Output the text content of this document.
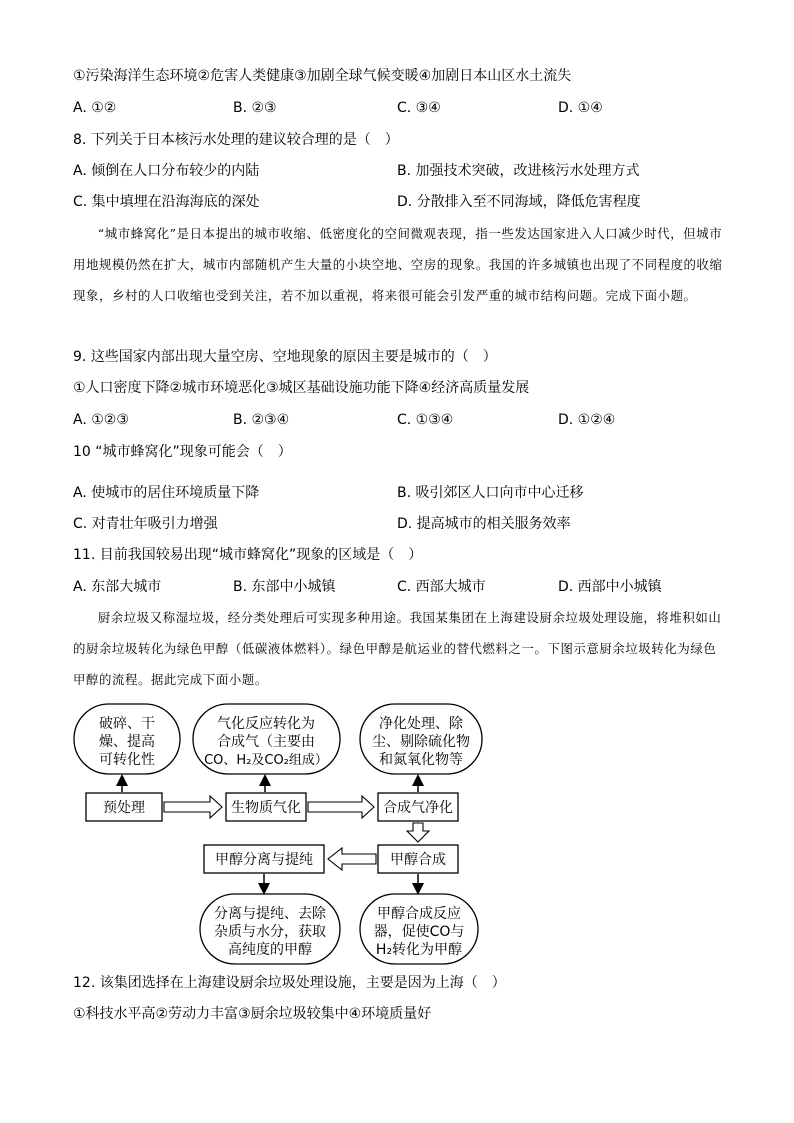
①污染海洋生态环境②危害人类健康③加剧全球气候变暖④加剧日本山区水土流失
A. ①②	B. ②③	C. ③④	D. ①④
8. 下列关于日本核污水处理的建议较合理的是（　）
A. 倾倒在人口分布较少的内陆	B. 加强技术突破，改进核污水处理方式
C. 集中填埋在沿海海底的深处	D. 分散排入至不同海域，降低危害程度
“城市蜂窝化”是日本提出的城市收缩、低密度化的空间微观表现，指一些发达国家进入人口减少时代，但城市用地规模仍然在扩大，城市内部随机产生大量的小块空地、空房的现象。我国的许多城镇也出现了不同程度的收缩现象，乡村的人口收缩也受到关注，若不加以重视，将来很可能会引发严重的城市结构问题。完成下面小题。
9. 这些国家内部出现大量空房、空地现象的原因主要是城市的（　）
①人口密度下降②城市环境恶化③城区基础设施功能下降④经济高质量发展
A. ①②③	B. ②③④	C. ①③④	D. ①②④
10 “城市蜂窝化”现象可能会（　）
A. 使城市的居住环境质量下降	B. 吸引郊区人口向市中心迁移
C. 对青壮年吸引力增强	D. 提高城市的相关服务效率
11. 目前我国较易出现“城市蜂窝化”现象的区域是（　）
A. 东部大城市	B. 东部中小城镇	C. 西部大城市	D. 西部中小城镇
厨余垃圾又称湿垃圾，经分类处理后可实现多种用途。我国某集团在上海建设厨余垃圾处理设施，将堆积如山的厨余垃圾转化为绿色甲醇（低碳液体燃料）。绿色甲醇是航运业的替代燃料之一。下图示意厨余垃圾转化为绿色甲醇的流程。据此完成下面小题。
破碎、干
燥、提高
可转化性
气化反应转化为
合成气（主要由
CO、H₂及CO₂组成）
净化处理、除
尘、剔除硫化物
和氮氧化物等
预处理	生物质气化	合成气净化
甲醇分离与提纯	甲醇合成
分离与提纯、去除
杂质与水分，获取
高纯度的甲醇
甲醇合成反应
器，促使CO与
H₂转化为甲醇
12. 该集团选择在上海建设厨余垃圾处理设施，主要是因为上海（　）
①科技水平高②劳动力丰富③厨余垃圾较集中④环境质量好
